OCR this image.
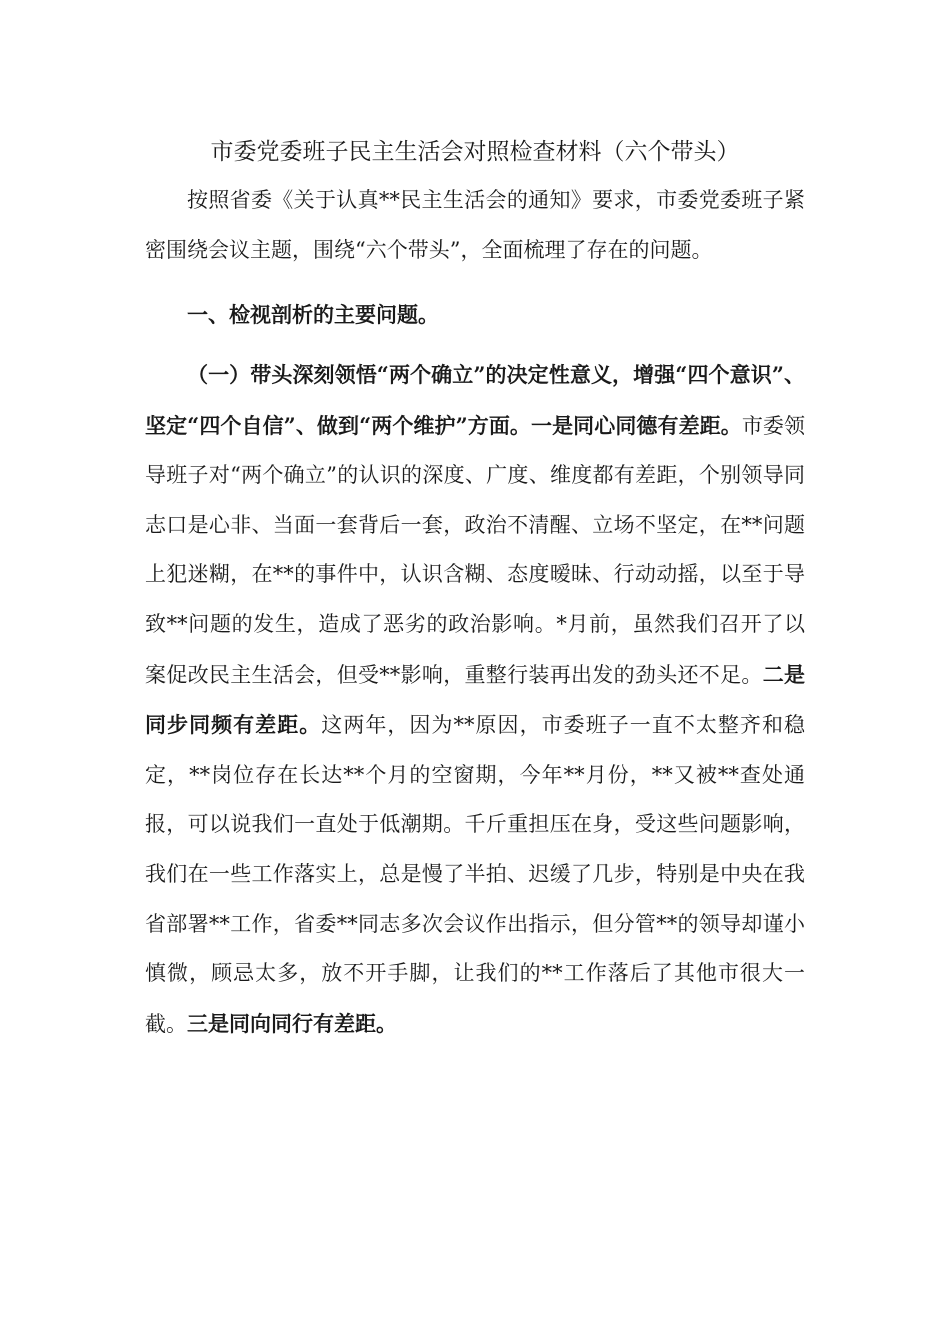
市委党委班子民主生活会对照检查材料（六个带头）

按照省委《关于认真**民主生活会的通知》要求，市委党委班子紧密围绕会议主题，围绕“六个带头”，全面梳理了存在的问题。

一、检视剖析的主要问题。

（一）带头深刻领悟“两个确立”的决定性意义，增强“四个意识”、坚定“四个自信”、做到“两个维护”方面。一是同心同德有差距。市委领导班子对“两个确立”的认识的深度、广度、维度都有差距，个别领导同志口是心非、当面一套背后一套，政治不清醒、立场不坚定，在**问题上犯迷糊，在**的事件中，认识含糊、态度暧昧、行动动摇，以至于导致**问题的发生，造成了恶劣的政治影响。*月前，虽然我们召开了以案促改民主生活会，但受**影响，重整行装再出发的劲头还不足。二是同步同频有差距。这两年，因为**原因，市委班子一直不太整齐和稳定，**岗位存在长达**个月的空窗期，今年**月份，**又被**查处通报，可以说我们一直处于低潮期。千斤重担压在身，受这些问题影响，我们在一些工作落实上，总是慢了半拍、迟缓了几步，特别是中央在我省部署**工作，省委**同志多次会议作出指示，但分管**的领导却谨小慎微，顾忌太多，放不开手脚，让我们的**工作落后了其他市很大一截。三是同向同行有差距。
